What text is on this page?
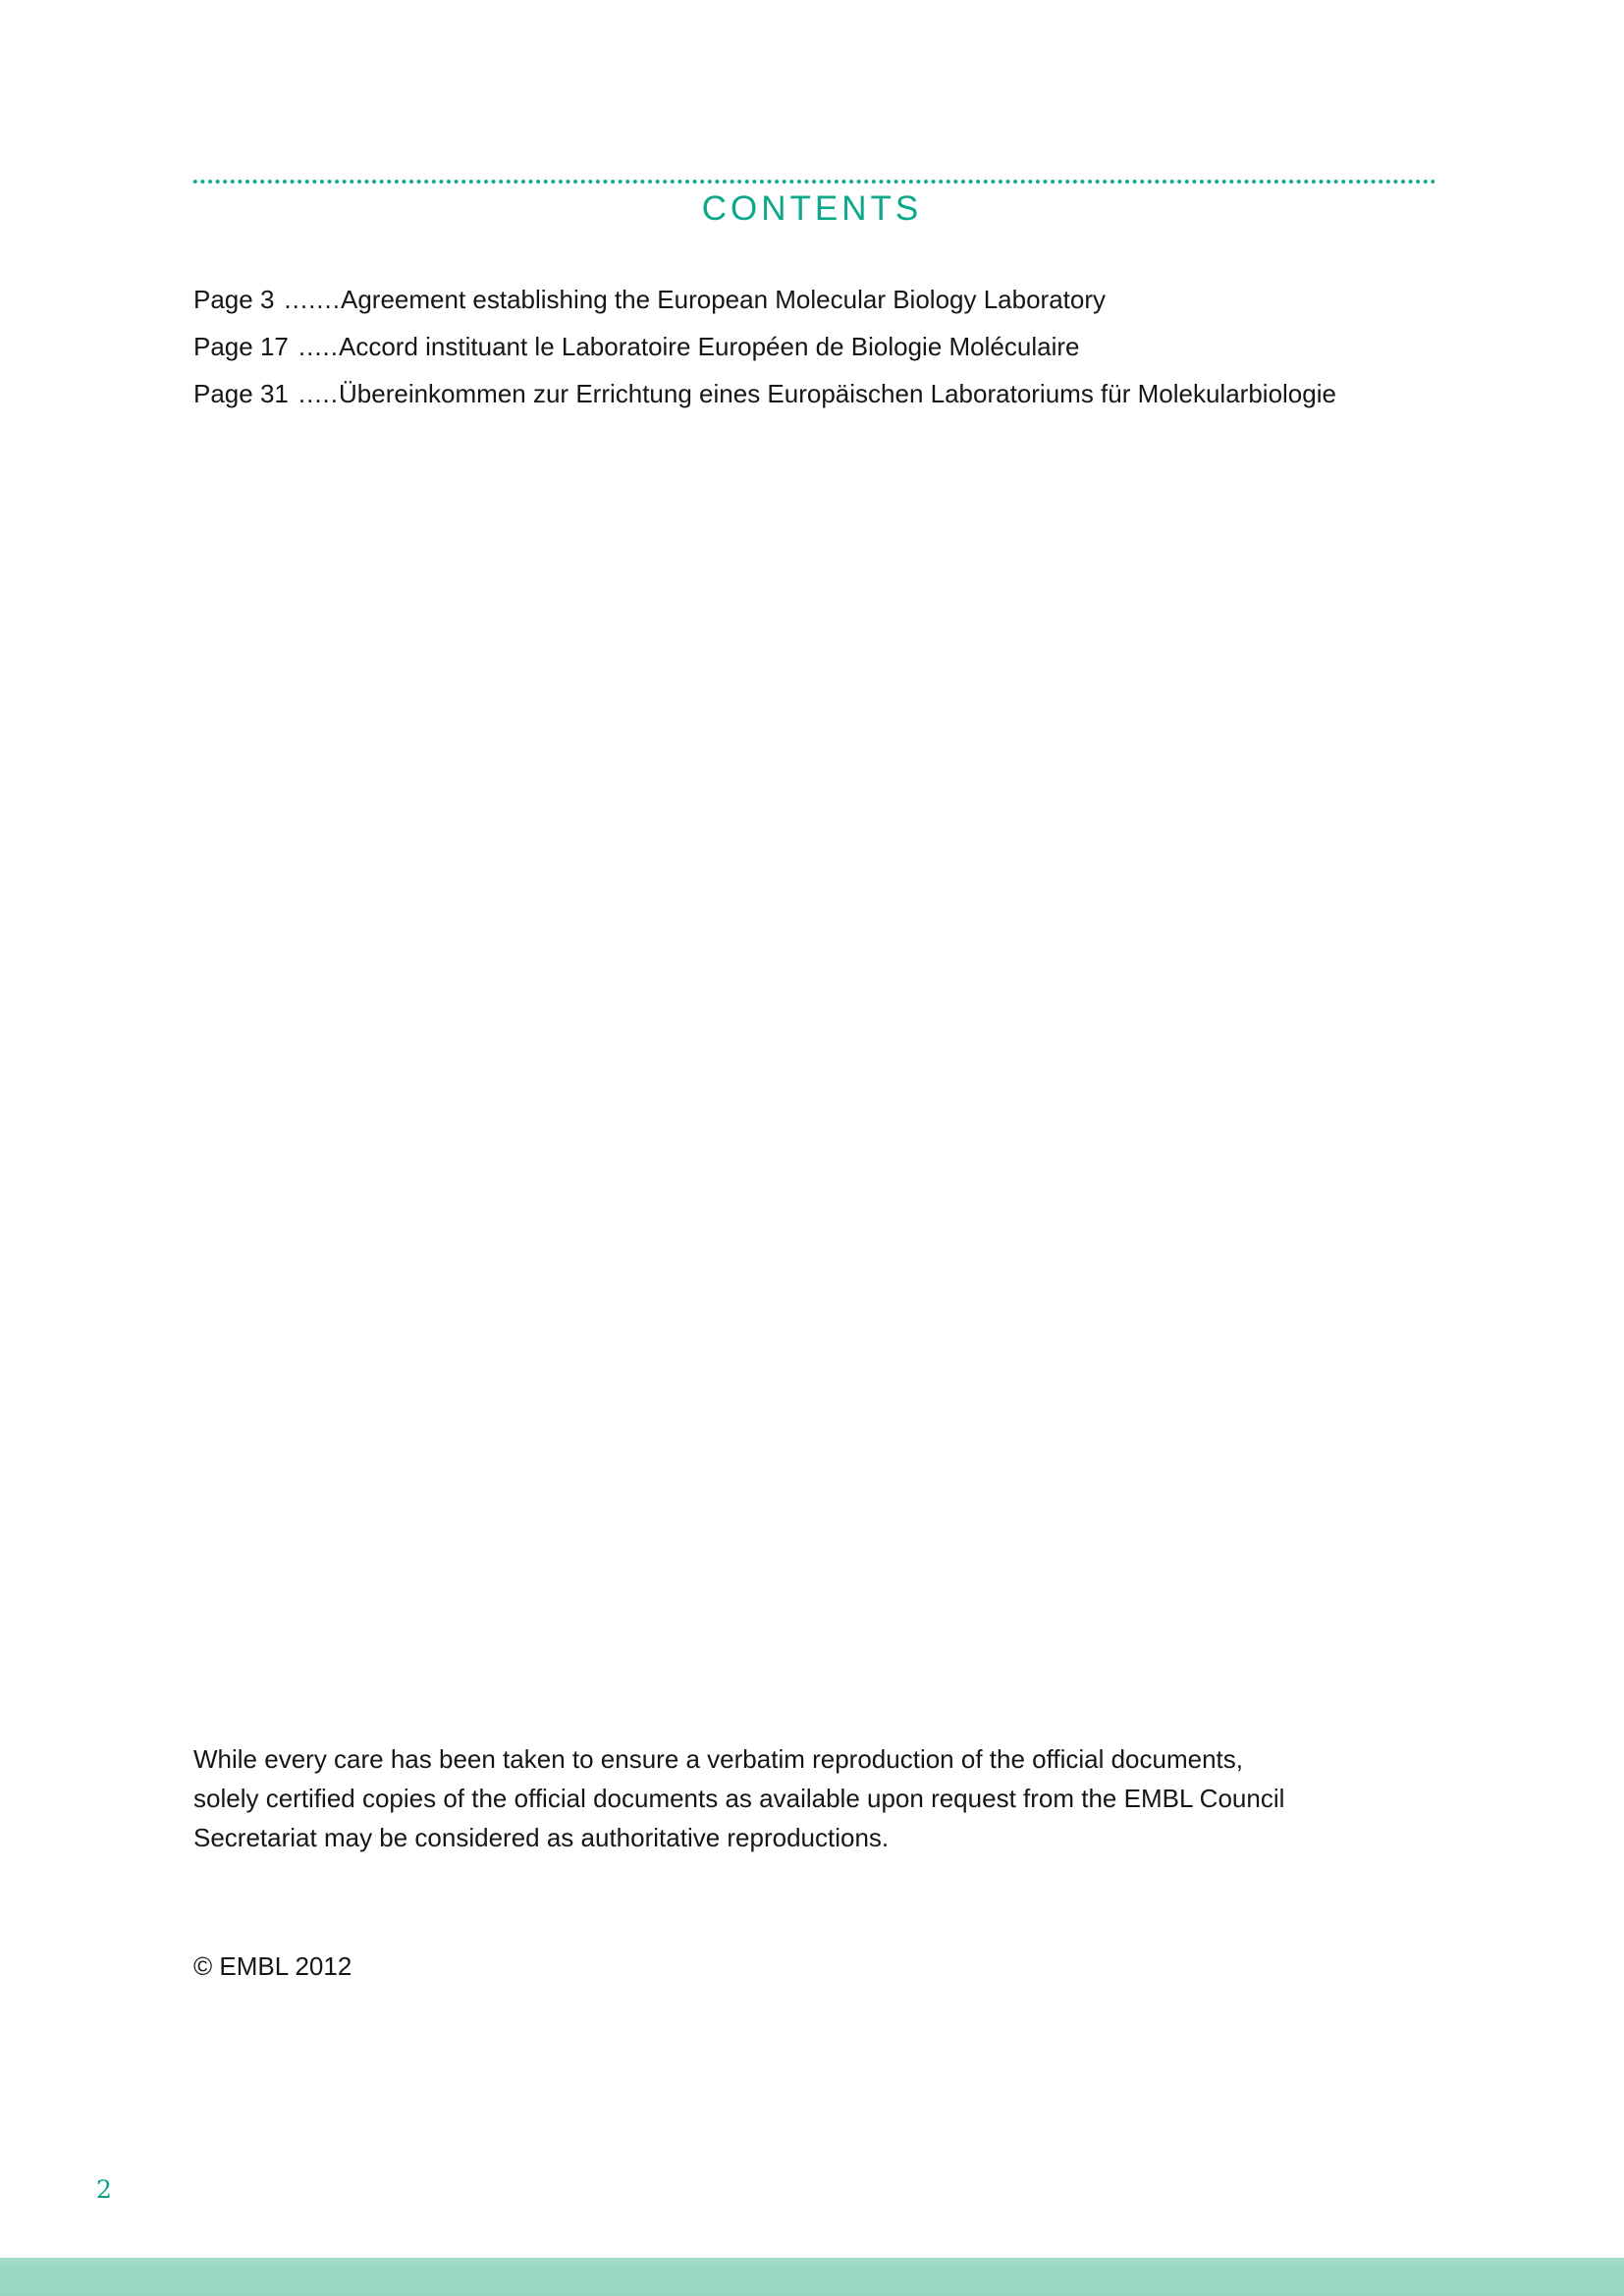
CONTENTS
Page 3 .......Agreement establishing the European Molecular Biology Laboratory
Page 17 .....Accord instituant le Laboratoire Européen de Biologie Moléculaire
Page 31 .....Übereinkommen zur Errichtung eines Europäischen Laboratoriums für Molekularbiologie
While every care has been taken to ensure a verbatim reproduction of the official documents,
solely certified copies of the official documents as available upon request from the EMBL Council
Secretariat may be considered as authoritative reproductions.
© EMBL 2012
2
